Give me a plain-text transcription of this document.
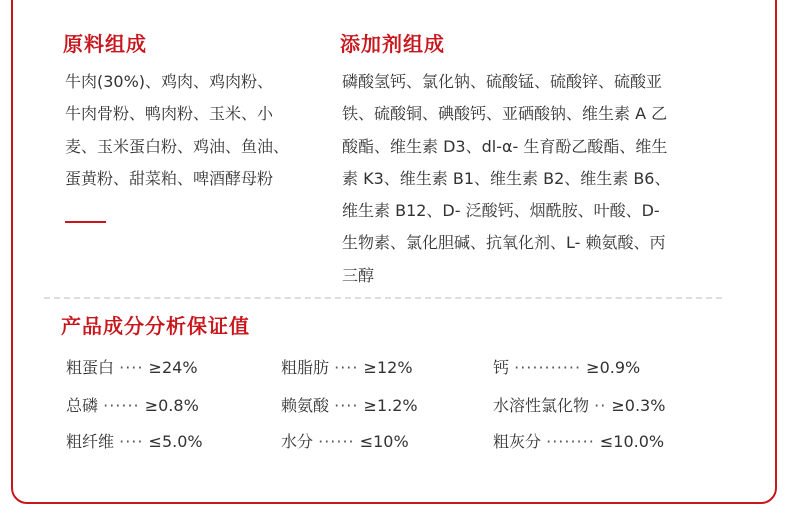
原料组成
牛肉(30%)、鸡肉、鸡肉粉、
牛肉骨粉、鸭肉粉、玉米、小
麦、玉米蛋白粉、鸡油、鱼油、
蛋黄粉、甜菜粕、啤酒酵母粉
添加剂组成
磷酸氢钙、氯化钠、硫酸锰、硫酸锌、硫酸亚
铁、硫酸铜、碘酸钙、亚硒酸钠、维生素 A 乙
酸酯、维生素 D3、dl-α- 生育酚乙酸酯、维生
素 K3、维生素 B1、维生素 B2、维生素 B6、
维生素 B12、D- 泛酸钙、烟酰胺、叶酸、D-
生物素、氯化胆碱、抗氧化剂、L- 赖氨酸、丙
三醇
产品成分分析保证值
粗蛋白 ···· ≥24%	粗脂肪 ···· ≥12%	钙 ··········· ≥0.9%
总磷 ······ ≥0.8%	赖氨酸 ···· ≥1.2%	水溶性氯化物 ·· ≥0.3%
粗纤维 ···· ≤5.0%	水分 ······ ≤10%	粗灰分 ········ ≤10.0%
